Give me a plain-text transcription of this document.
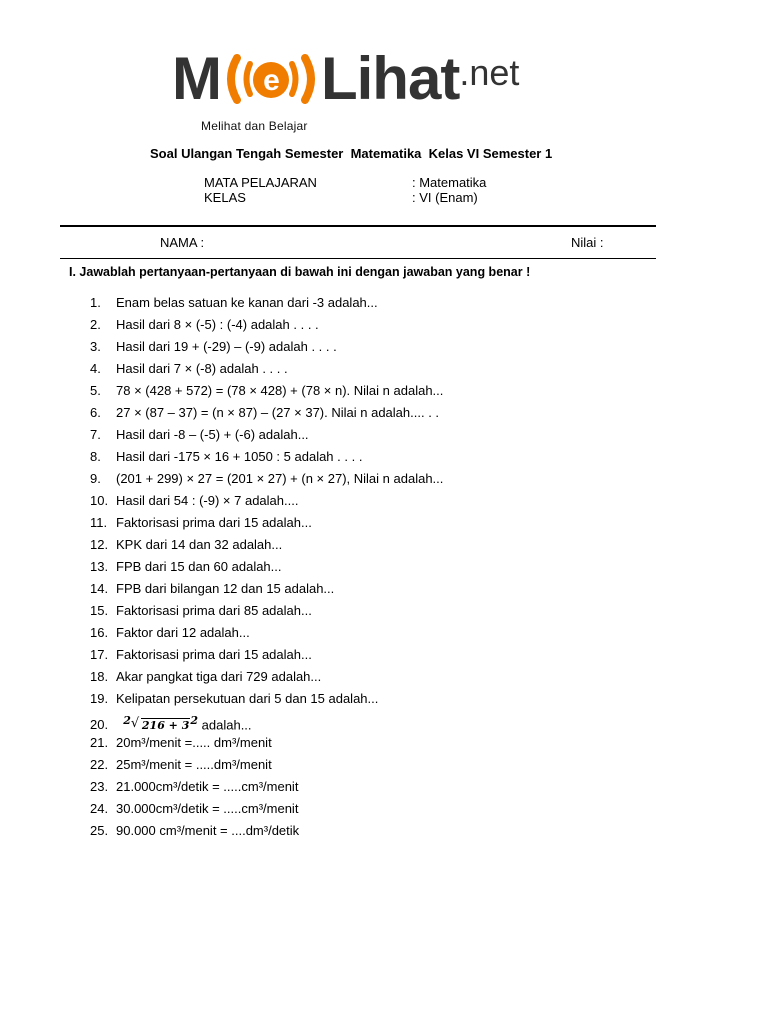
M e Lihat$^{.net}$
Melihat dan Belajar
Soal Ulangan Tengah Semester  Matematika  Kelas VI Semester 1
MATA PELAJARAN	: Matematika
KELAS	: VI (Enam)
NAMA :	Nilai :
I. Jawablah pertanyaan-pertanyaan di bawah ini dengan jawaban yang benar !
1. Enam belas satuan ke kanan dari -3 adalah...
2. Hasil dari 8 × (-5) : (-4) adalah . . . .
3. Hasil dari 19 + (-29) – (-9) adalah . . . .
4. Hasil dari 7 × (-8) adalah . . . .
5. 78 × (428 + 572) = (78 × 428) + (78 × n). Nilai n adalah...
6. 27 × (87 – 37) = (n × 87) – (27 × 37). Nilai n adalah.... . .
7. Hasil dari -8 – (-5) + (-6) adalah...
8. Hasil dari -175 × 16 + 1050 : 5 adalah . . . .
9. (201 + 299) × 27 = (201 × 27) + (n × 27), Nilai n adalah...
10. Hasil dari 54 : (-9) × 7 adalah....
11. Faktorisasi prima dari 15 adalah...
12. KPK dari 14 dan 32 adalah...
13. FPB dari 15 dan 60 adalah...
14. FPB dari bilangan 12 dan 15 adalah...
15. Faktorisasi prima dari 85 adalah...
16. Faktor dari 12 adalah...
17. Faktorisasi prima dari 15 adalah...
18. Akar pangkat tiga dari 729 adalah...
19. Kelipatan persekutuan dari 5 dan 15 adalah...
20. $^2$ √ $216 + 3^2$ adalah...
21. 20m³/menit =..... dm³/menit
22. 25m³/menit = .....dm³/menit
23. 21.000cm³/detik = .....cm³/menit
24. 30.000cm³/detik = .....cm³/menit
25. 90.000 cm³/menit = ....dm³/detik
